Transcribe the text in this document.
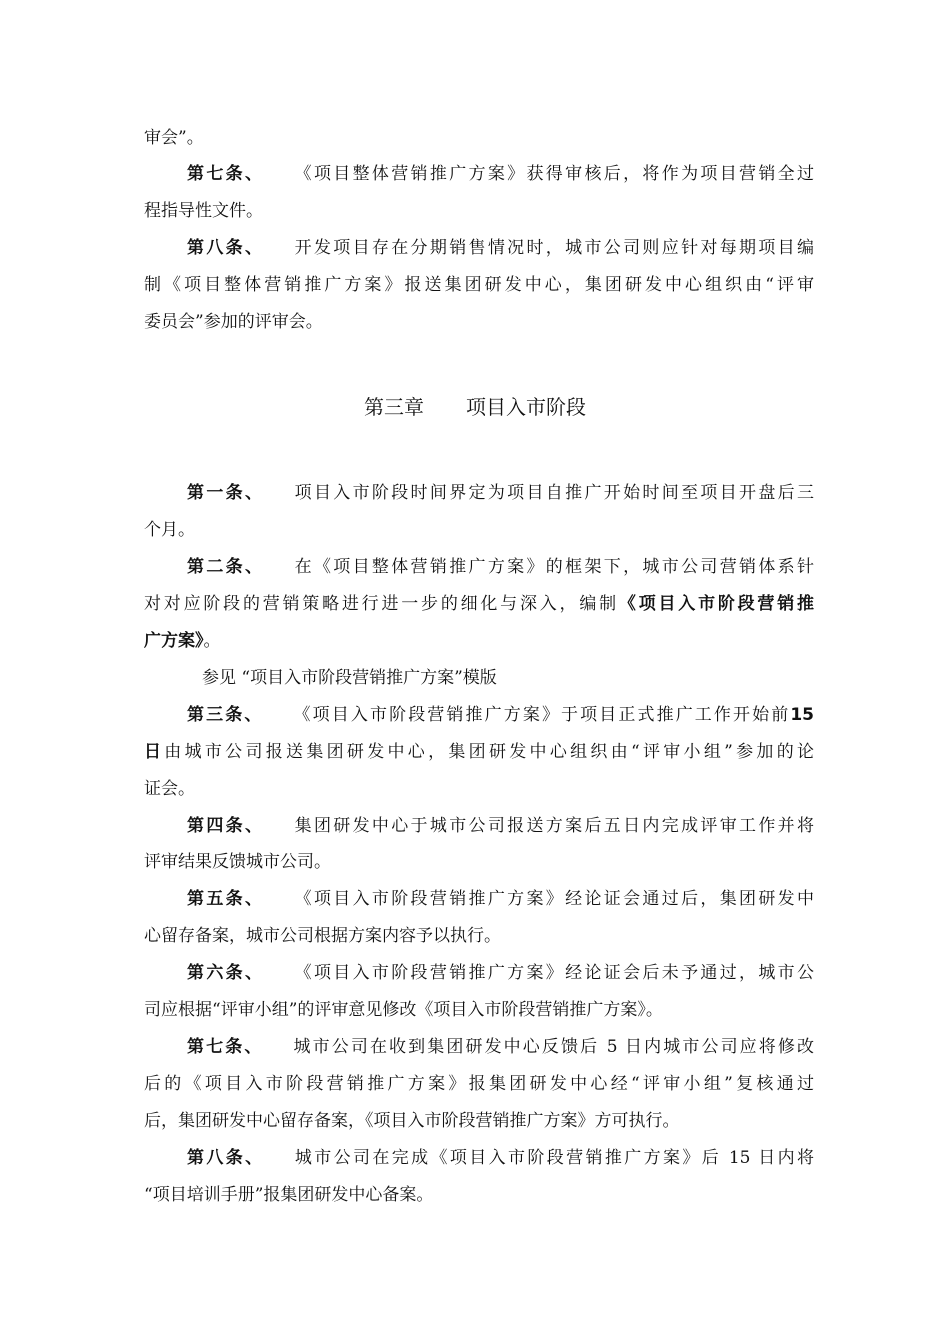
审会”。
第七条、 《项目整体营销推广方案》获得审核后，将作为项目营销全过
程指导性文件。
第八条、 开发项目存在分期销售情况时，城市公司则应针对每期项目编
制《项目整体营销推广方案》报送集团研发中心，集团研发中心组织由“评审
委员会”参加的评审会。
第三章 项目入市阶段
第一条、 项目入市阶段时间界定为项目自推广开始时间至项目开盘后三
个月。
第二条、 在《项目整体营销推广方案》的框架下，城市公司营销体系针
对对应阶段的营销策略进行进一步的细化与深入，编制《项目入市阶段营销推
广方案》。
参见 “项目入市阶段营销推广方案”模版
第三条、 《项目入市阶段营销推广方案》于项目正式推广工作开始前15
日由城市公司报送集团研发中心，集团研发中心组织由“评审小组”参加的论
证会。
第四条、 集团研发中心于城市公司报送方案后五日内完成评审工作并将
评审结果反馈城市公司。
第五条、 《项目入市阶段营销推广方案》经论证会通过后，集团研发中
心留存备案，城市公司根据方案内容予以执行。
第六条、 《项目入市阶段营销推广方案》经论证会后未予通过，城市公
司应根据“评审小组”的评审意见修改《项目入市阶段营销推广方案》。
第七条、 城市公司在收到集团研发中心反馈后 5 日内城市公司应将修改
后的《项目入市阶段营销推广方案》报集团研发中心经“评审小组”复核通过
后，集团研发中心留存备案，《项目入市阶段营销推广方案》方可执行。
第八条、 城市公司在完成《项目入市阶段营销推广方案》后 15 日内将
“项目培训手册”报集团研发中心备案。
